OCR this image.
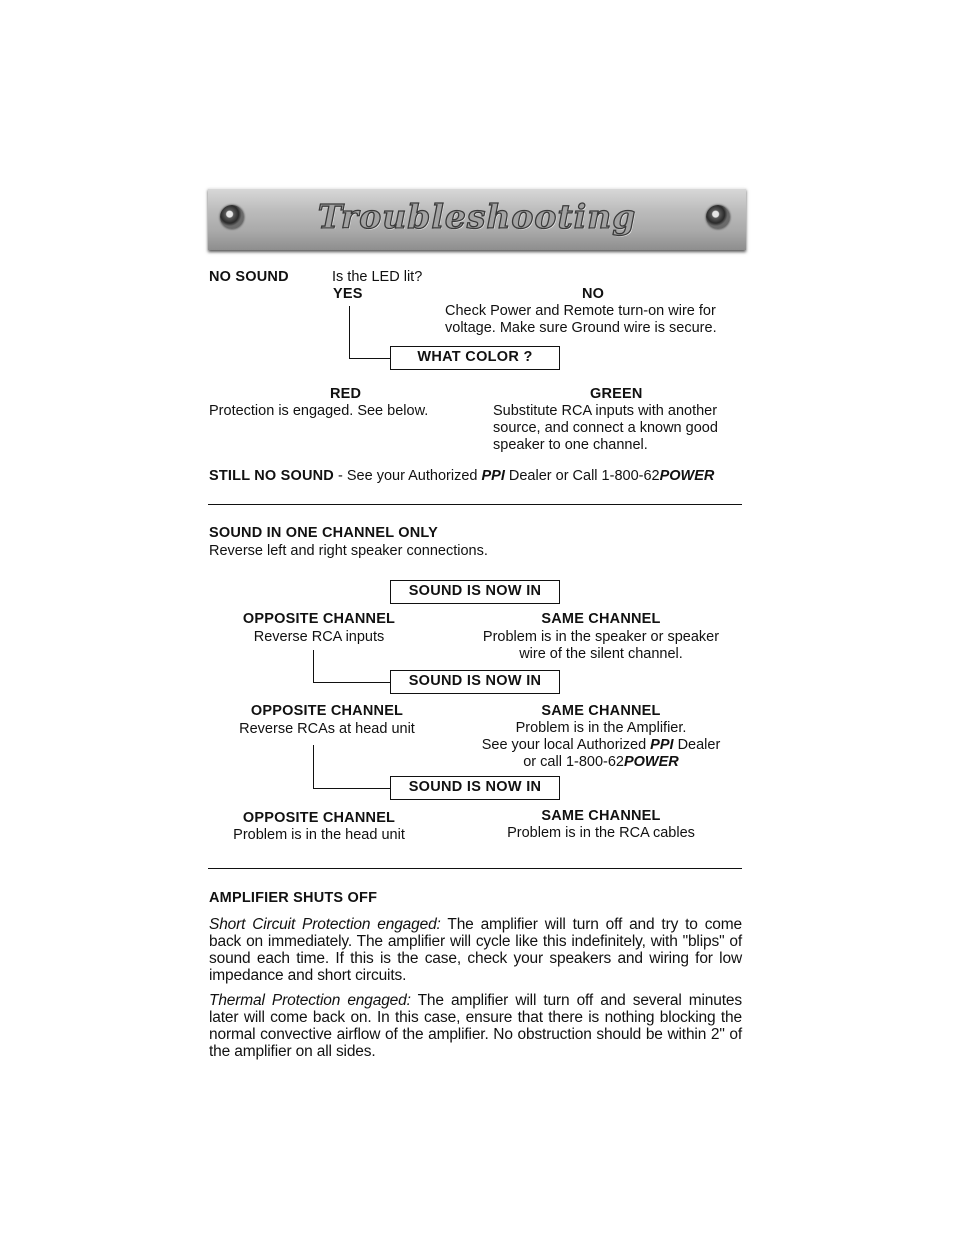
Troubleshooting
NO SOUND	Is the LED lit?
YES	NO
Check Power and Remote turn-on wire for
voltage. Make sure Ground wire is secure.
WHAT COLOR ?
RED
Protection is engaged. See below.
GREEN
Substitute RCA inputs with another
source, and connect a known good
speaker to one channel.
STILL NO SOUND - See your Authorized PPI Dealer or Call 1-800-62POWER
SOUND IN ONE CHANNEL ONLY
Reverse left and right speaker connections.
SOUND IS NOW IN
OPPOSITE CHANNEL
Reverse RCA inputs
SAME CHANNEL
Problem is in the speaker or speaker
wire of the silent channel.
SOUND IS NOW IN
OPPOSITE CHANNEL
Reverse RCAs at head unit
SAME CHANNEL
Problem is in the Amplifier.
See your local Authorized PPI Dealer
or call 1-800-62POWER
SOUND IS NOW IN
OPPOSITE CHANNEL
Problem is in the head unit
SAME CHANNEL
Problem is in the RCA cables
AMPLIFIER SHUTS OFF
Short Circuit Protection engaged: The amplifier will turn off and try to come back on immediately. The amplifier will cycle like this indefinitely, with "blips" of sound each time. If this is the case, check your speakers and wiring for low impedance and short circuits.
Thermal Protection engaged: The amplifier will turn off and several minutes later will come back on. In this case, ensure that there is nothing blocking the normal convective airflow of the amplifier. No obstruction should be within 2" of the amplifier on all sides.
